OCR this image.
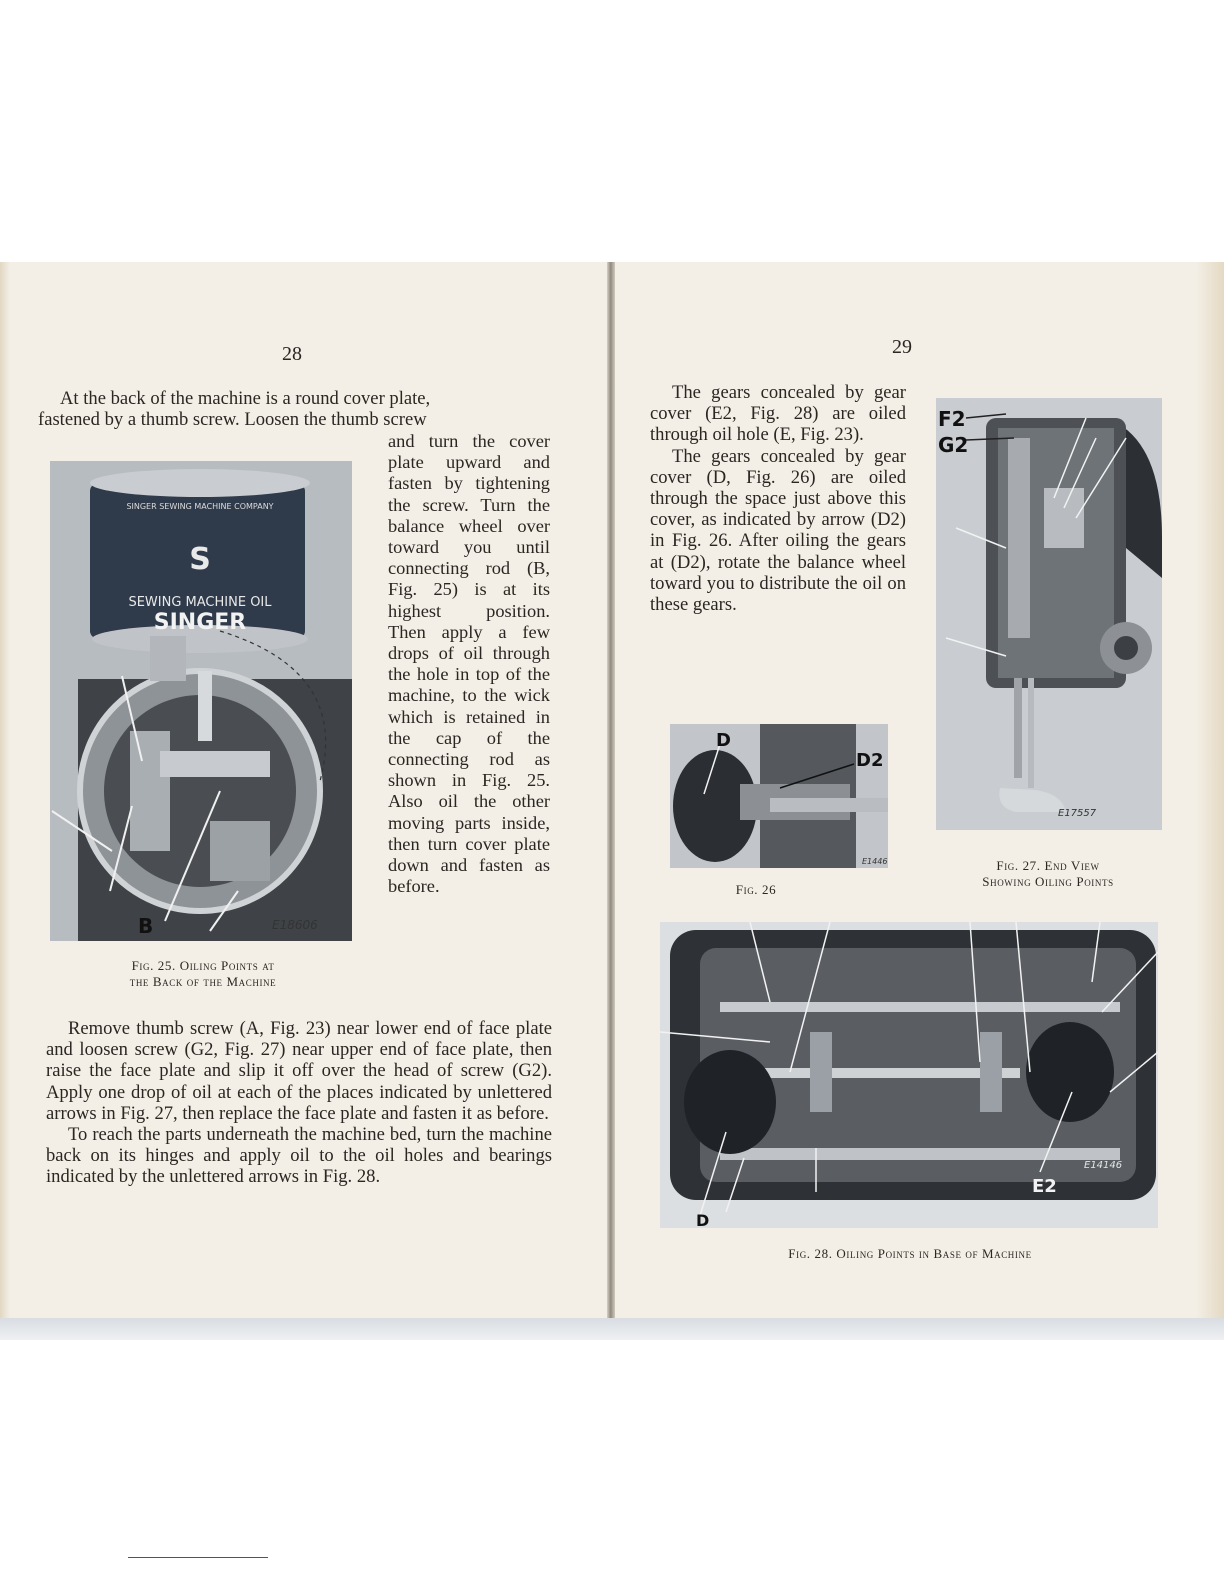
28
At the back of the machine is a round cover plate,
fastened by a thumb screw. Loosen the thumb screw
and turn the cover plate upward and fasten by tightening the screw. Turn the balance wheel over toward you until connecting rod (B, Fig. 25) is at its highest position. Then apply a few drops of oil through the hole in top of the machine, to the wick which is retained in the cap of the connecting rod as shown in Fig. 25. Also oil the other moving parts inside, then turn cover plate down and fasten as before.
S
SEWING MACHINE OIL
SINGER
SINGER SEWING MACHINE COMPANY
B	E18606
Fig. 25. Oiling Points at
the Back of the Machine

Remove thumb screw (A, Fig. 23) near lower end of face plate and loosen screw (G2, Fig. 27) near upper end of face plate, then raise the face plate and slip it off over the head of screw (G2). Apply one drop of oil at each of the places indicated by unlettered arrows in Fig. 27, then replace the face plate and fasten it as before.

To reach the parts underneath the machine bed, turn the machine back on its hinges and apply oil to the oil holes and bearings indicated by the unlettered arrows in Fig. 28.

29

The gears concealed by gear cover (E2, Fig. 28) are oiled through oil hole (E, Fig. 23).

The gears concealed by gear cover (D, Fig. 26) are oiled through the space just above this cover, as indicated by arrow (D2) in Fig. 26. After oiling the gears at (D2), rotate the balance wheel toward you to distribute the oil on these gears.

F2
G2
E17557
Fig. 27. End View
Showing Oiling Points
D
D2
E1446
Fig. 26
E2
D
E14146
Fig. 28. Oiling Points in Base of Machine
